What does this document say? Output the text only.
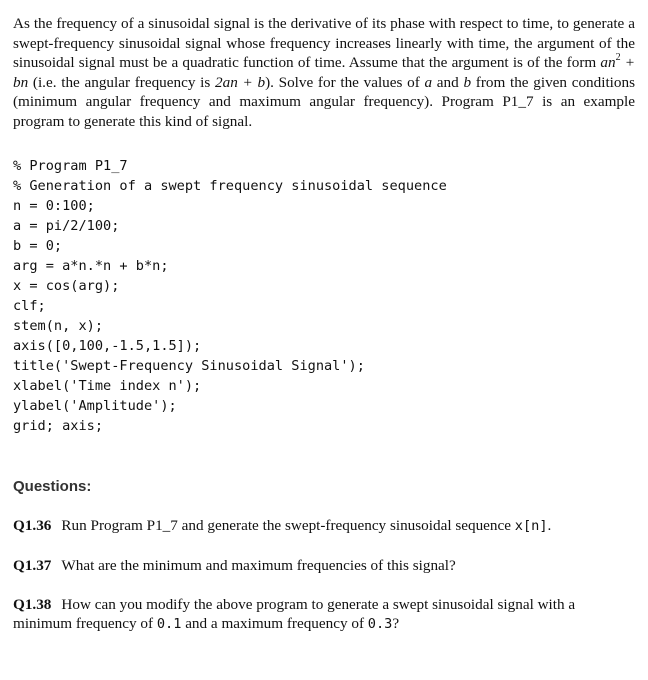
As the frequency of a sinusoidal signal is the derivative of its phase with respect to time, to generate a swept-frequency sinusoidal signal whose frequency increases linearly with time, the argument of the sinusoidal signal must be a quadratic function of time. Assume that the argument is of the form $an^2$ + bn (i.e. the angular frequency is 2an + b). Solve for the values of a and b from the given conditions (minimum angular frequency and maximum angular frequency). Program P1_7 is an example program to generate this kind of signal.

% Program P1_7
% Generation of a swept frequency sinusoidal sequence
n = 0:100;
a = pi/2/100;
b = 0;
arg = a*n.*n + b*n;
x = cos(arg);
clf;
stem(n, x);
axis([0,100,-1.5,1.5]);
title('Swept-Frequency Sinusoidal Signal');
xlabel('Time index n');
ylabel('Amplitude');
grid; axis;
Questions:
Q1.36 Run Program P1_7 and generate the swept-frequency sinusoidal sequence x[n].
Q1.37 What are the minimum and maximum frequencies of this signal?
Q1.38 How can you modify the above program to generate a swept sinusoidal signal with a minimum frequency of 0.1 and a maximum frequency of 0.3?
